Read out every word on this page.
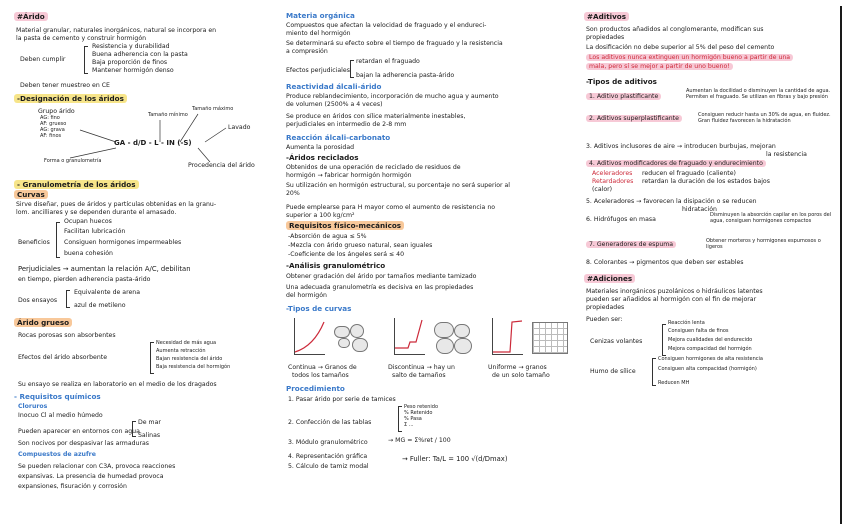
#Árido
Material granular, naturales inorgánicos, natural se incorpora en
la pasta de cemento y construir hormigón
Deben cumplir
Resistencia y durabilidad
Buena adherencia con la pasta
Baja proporción de finos
Mantener hormigón denso
Deben tener muestreo en CE
-Designación de los áridos
Grupo árido
AG: fino
AF: grueso
AG: grava
AF: finos
GA - d/D - L - IN (-S)
Tamaño mínimo
Tamaño máximo
Lavado
Procedencia del árido
Forma o granulometría
- Granulometría de los áridos
Curvas
Sirve diseñar, pues de áridos y partículas obtenidas en la granu-
lom. ancilliares y se dependen durante el amasado.
Beneficios
Ocupan huecos
Facilitan lubricación
Consiguen hormigones impermeables
buena cohesión
Perjudiciales → aumentan la relación A/C, debilitan
en tiempo, pierden adherencia pasta-árido
Dos ensayos
Equivalente de arena
azul de metileno
Árido grueso
Rocas porosas son absorbentes
Efectos del árido absorbente
Necesidad de más agua
Aumenta retracción
Bajan resistencia del árido
Baja resistencia del hormigón
Su ensayo se realiza en laboratorio en el medio de los dragados
- Requisitos químicos
Cloruros
Inocuo Cl al medio húmedo
Pueden aparecer en entornos con agua
De mar
Salinas
Son nocivos por despasivar las armaduras
Compuestos de azufre
Se pueden relacionar con C3A, provoca reacciones
expansivas. La presencia de humedad provoca
expansiones, fisuración y corrosión
Materia orgánica
Compuestos que afectan la velocidad de fraguado y el endureci-
miento del hormigón
Se determinará su efecto sobre el tiempo de fraguado y la resistencia
a compresión
Efectos perjudiciales
retardan el fraguado
bajan la adherencia pasta-árido
Reactividad álcali-árido
Produce reblandecimiento, incorporación de mucho agua y aumento
de volumen (2500% a 4 veces)
Se produce en áridos con sílice materialmente inestables,
perjudiciales en intermedio de 2-8 mm
Reacción álcali-carbonato
Aumenta la porosidad
-Áridos reciclados
Obtenidos de una operación de reciclado de residuos de
hormigón → fabricar hormigón hormigón
Su utilización en hormigón estructural, su porcentaje no será superior al
20%
Puede emplearse para H mayor como el aumento de resistencia no
superior a 100 kg/cm²
Requisitos físico-mecánicos
-Absorción de agua ≤ 5%
-Mezcla con árido grueso natural, sean iguales
-Coeficiente de los ángeles será ≤ 40
-Análisis granulométrico
Obtener gradación del árido por tamaños mediante tamizado
Una adecuada granulometría es decisiva en las propiedades
del hormigón
-Tipos de curvas
Continua → Granos de
todos los tamaños
Discontinua → hay un
salto de tamaños
Uniforme → granos
de un solo tamaño
Procedimiento
1. Pasar árido por serie de tamices
2. Confección de las tablas
Peso retenido
% Retenido
% Pasa
Σ ...
3. Módulo granulométrico	→ MG = Σ%ret / 100
4. Representación gráfica
5. Cálculo de tamiz modal
→ Fuller: Ta/L = 100 √(d/Dmax)
#Aditivos
Son productos añadidos al conglomerante, modifican sus
propiedades
La dosificación no debe superior al 5% del peso del cemento
Los aditivos nunca extinguen un hormigón bueno a partir de una
mala, pero sí se mejor a partir de uno bueno!
-Tipos de aditivos
1. Aditivo plastificante
Aumentan la docilidad o disminuyen la cantidad de agua. Permiten el fraguado. Se utilizan en fibras y bajo presión
2. Aditivos superplastificante	Consiguen reducir hasta un 30% de agua, en fluidez. Gran fluidez favorecen la hidratación
3. Aditivos inclusores de aire → introducen burbujas, mejoran
la resistencia
4. Aditivos modificadores de fraguado y endurecimiento
Aceleradores reducen el fraguado (caliente)
Retardadores retardan la duración de los estados bajos
(calor)
5. Aceleradores → favorecen la disipación o se reducen
hidratación
6. Hidrófugos en masa
Disminuyen la absorción capilar en los poros del agua, consiguen hormigones compactos
7. Generadores de espuma	Obtener morteros y hormigones espumosos o ligeros
8. Colorantes → pigmentos que deben ser estables
#Adiciones
Materiales inorgánicos puzolánicos o hidráulicos latentes
pueden ser añadidos al hormigón con el fin de mejorar
propiedades
Pueden ser:
Cenizas volantes
Reacción lenta
Consiguen falta de finos
Mejora cualidades del endurecido
Mejora compacidad del hormigón
Humo de sílice
Consiguen hormigones de alta resistencia
Consiguen alta compacidad (hormigón)
Reducen MH
